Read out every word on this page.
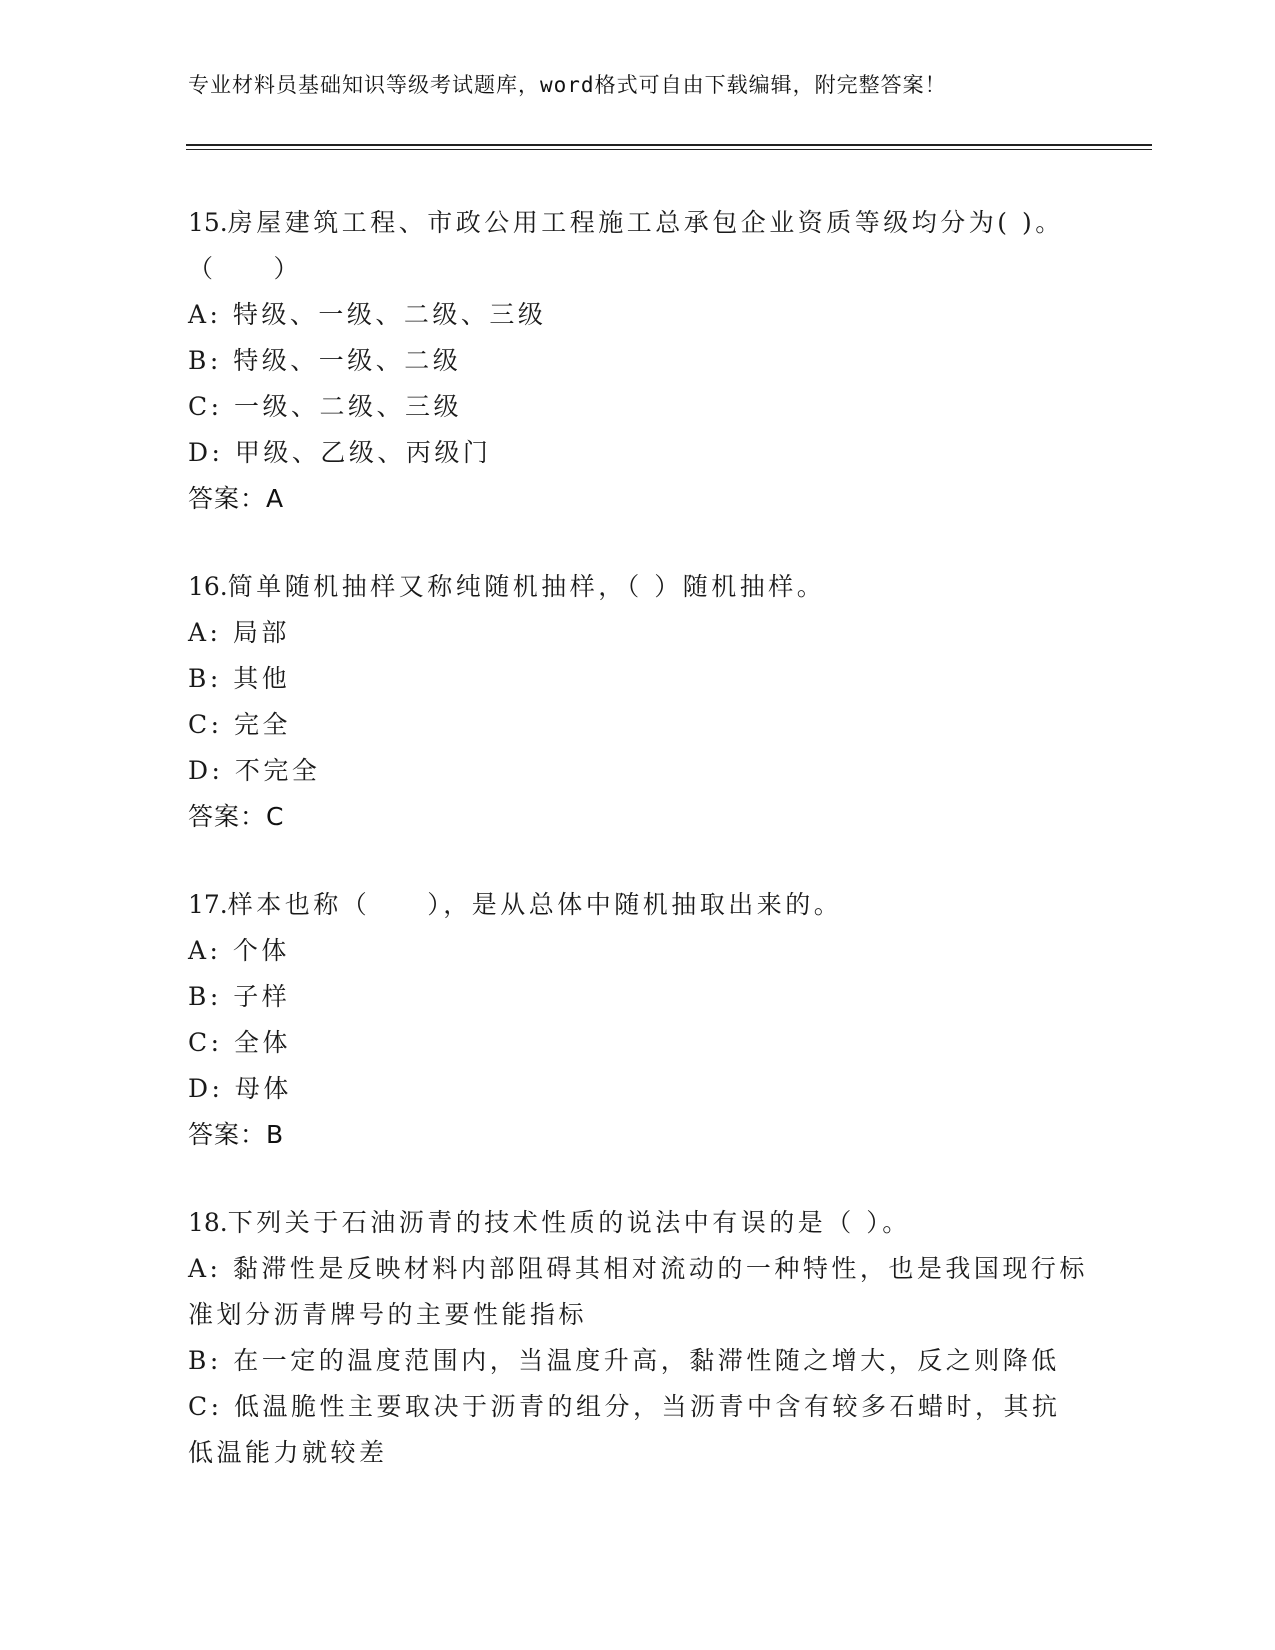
专业材料员基础知识等级考试题库，word格式可自由下载编辑，附完整答案！
15.房屋建筑工程、市政公用工程施工总承包企业资质等级均分为( )。（　　）
A: 特级、一级、二级、三级
B: 特级、一级、二级
C: 一级、二级、三级
D: 甲级、乙级、丙级门
答案：A
16.简单随机抽样又称纯随机抽样，（ ）随机抽样。
A: 局部
B: 其他
C: 完全
D: 不完全
答案：C
17.样本也称（　　），是从总体中随机抽取出来的。
A: 个体
B: 子样
C: 全体
D: 母体
答案：B
18.下列关于石油沥青的技术性质的说法中有误的是（ ）。
A: 黏滞性是反映材料内部阻碍其相对流动的一种特性，也是我国现行标准划分沥青牌号的主要性能指标
B: 在一定的温度范围内，当温度升高，黏滞性随之增大，反之则降低
C: 低温脆性主要取决于沥青的组分，当沥青中含有较多石蜡时，其抗低温能力就较差
